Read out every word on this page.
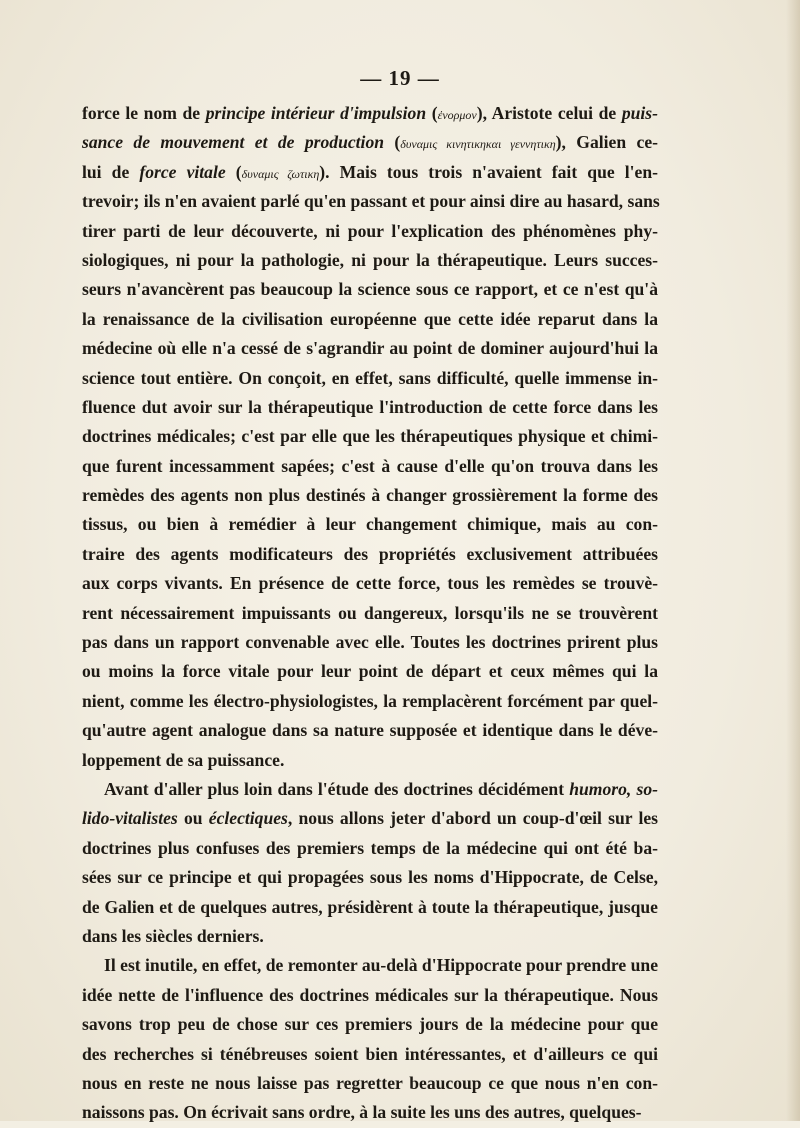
— 19 —
force le nom de principe intérieur d'impulsion (ἐνορμον), Aristote celui de puis-
sance de mouvement et de production (δυναμις κινητικηκαι γεννητικη), Galien ce-
lui de force vitale (δυναμις ζωτικη). Mais tous trois n'avaient fait que l'en-
trevoir; ils n'en avaient parlé qu'en passant et pour ainsi dire au hasard, sans
tirer parti de leur découverte, ni pour l'explication des phénomènes phy-
siologiques, ni pour la pathologie, ni pour la thérapeutique. Leurs succes-
seurs n'avancèrent pas beaucoup la science sous ce rapport, et ce n'est qu'à
la renaissance de la civilisation européenne que cette idée reparut dans la
médecine où elle n'a cessé de s'agrandir au point de dominer aujourd'hui la
science tout entière. On conçoit, en effet, sans difficulté, quelle immense in-
fluence dut avoir sur la thérapeutique l'introduction de cette force dans les
doctrines médicales; c'est par elle que les thérapeutiques physique et chimi-
que furent incessamment sapées; c'est à cause d'elle qu'on trouva dans les
remèdes des agents non plus destinés à changer grossièrement la forme des
tissus, ou bien à remédier à leur changement chimique, mais au con-
traire des agents modificateurs des propriétés exclusivement attribuées
aux corps vivants. En présence de cette force, tous les remèdes se trouvè-
rent nécessairement impuissants ou dangereux, lorsqu'ils ne se trouvèrent
pas dans un rapport convenable avec elle. Toutes les doctrines prirent plus
ou moins la force vitale pour leur point de départ et ceux mêmes qui la
nient, comme les électro-physiologistes, la remplacèrent forcément par quel-
qu'autre agent analogue dans sa nature supposée et identique dans le déve-
loppement de sa puissance.
Avant d'aller plus loin dans l'étude des doctrines décidément humoro, so-
lido-vitalistes ou éclectiques, nous allons jeter d'abord un coup-d'œil sur les
doctrines plus confuses des premiers temps de la médecine qui ont été ba-
sées sur ce principe et qui propagées sous les noms d'Hippocrate, de Celse,
de Galien et de quelques autres, présidèrent à toute la thérapeutique, jusque
dans les siècles derniers.
Il est inutile, en effet, de remonter au-delà d'Hippocrate pour prendre une
idée nette de l'influence des doctrines médicales sur la thérapeutique. Nous
savons trop peu de chose sur ces premiers jours de la médecine pour que
des recherches si ténébreuses soient bien intéressantes, et d'ailleurs ce qui
nous en reste ne nous laisse pas regretter beaucoup ce que nous n'en con-
naissons pas. On écrivait sans ordre, à la suite les uns des autres, quelques-
